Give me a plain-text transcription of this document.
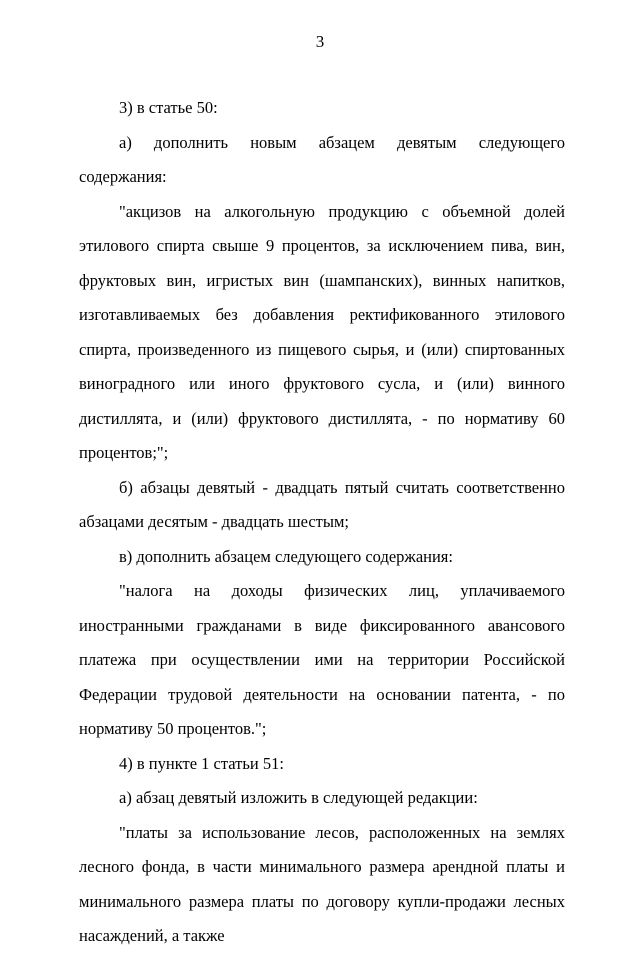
3

3) в статье 50:

а) дополнить новым абзацем девятым следующего содержания:

"акцизов на алкогольную продукцию с объемной долей этилового спирта свыше 9 процентов, за исключением пива, вин, фруктовых вин, игристых вин (шампанских), винных напитков, изготавливаемых без добавления ректификованного этилового спирта, произведенного из пищевого сырья, и (или) спиртованных виноградного или иного фруктового сусла, и (или) винного дистиллята, и (или) фруктового дистиллята, - по нормативу 60 процентов;";

б) абзацы девятый - двадцать пятый считать соответственно абзацами десятым - двадцать шестым;

в) дополнить абзацем следующего содержания:

"налога на доходы физических лиц, уплачиваемого иностранными гражданами в виде фиксированного авансового платежа при осуществлении ими на территории Российской Федерации трудовой деятельности на основании патента, - по нормативу 50 процентов.";

4) в пункте 1 статьи 51:

а) абзац девятый изложить в следующей редакции:

"платы за использование лесов, расположенных на землях лесного фонда, в части минимального размера арендной платы и минимального размера платы по договору купли-продажи лесных насаждений, а также
